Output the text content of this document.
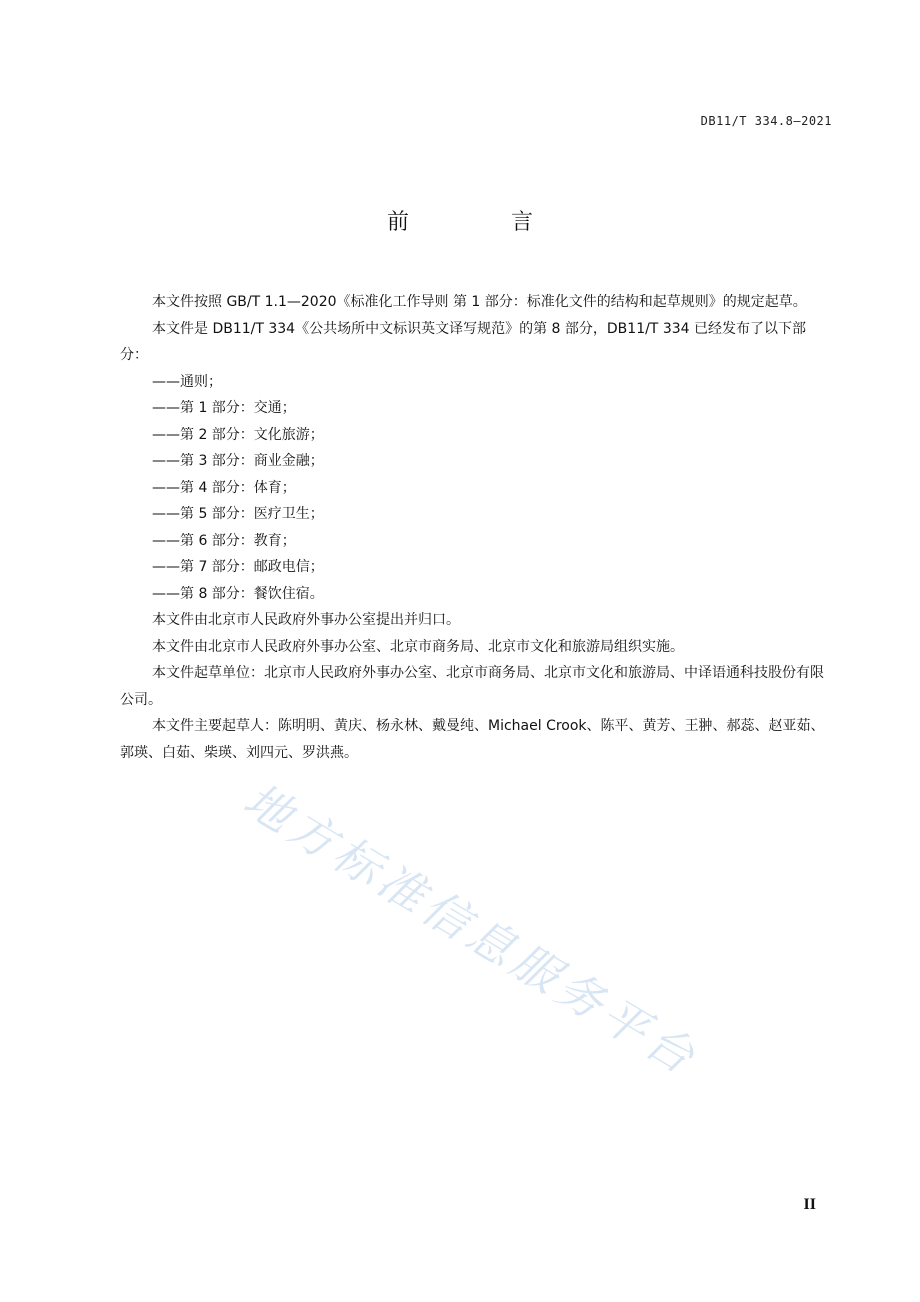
DB11/T 334.8—2021
前　言

本文件按照 GB/T 1.1—2020《标准化工作导则 第 1 部分：标准化文件的结构和起草规则》的规定起草。

本文件是 DB11/T 334《公共场所中文标识英文译写规范》的第 8 部分，DB11/T 334 已经发布了以下部分：

——通则；

——第 1 部分：交通；

——第 2 部分：文化旅游；

——第 3 部分：商业金融；

——第 4 部分：体育；

——第 5 部分：医疗卫生；

——第 6 部分：教育；

——第 7 部分：邮政电信；

——第 8 部分：餐饮住宿。

本文件由北京市人民政府外事办公室提出并归口。

本文件由北京市人民政府外事办公室、北京市商务局、北京市文化和旅游局组织实施。

本文件起草单位：北京市人民政府外事办公室、北京市商务局、北京市文化和旅游局、中译语通科技股份有限公司。

本文件主要起草人：陈明明、黄庆、杨永林、戴曼纯、Michael Crook、陈平、黄芳、王翀、郝蕊、赵亚茹、郭瑛、白茹、柴瑛、刘四元、罗洪燕。

地方标准信息服务平台
II
